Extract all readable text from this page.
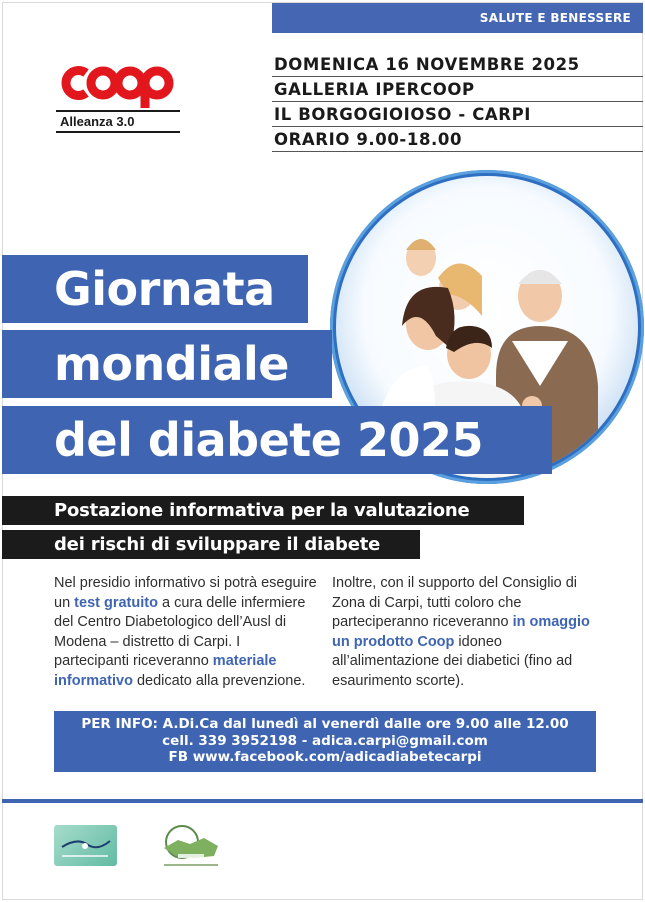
SALUTE E BENESSERE
Alleanza 3.0
DOMENICA 16 NOVEMBRE 2025
GALLERIA IPERCOOP
IL BORGOGIOIOSO - CARPI
ORARIO 9.00-18.00
Giornata
mondiale
del diabete 2025
Postazione informativa per la valutazione
dei rischi di sviluppare il diabete
Nel presidio informativo si potrà eseguire un test gratuito a cura delle infermiere del Centro Diabetologico dell’Ausl di Modena – distretto di Carpi. I partecipanti riceveranno materiale informativo dedicato alla prevenzione.
Inoltre, con il supporto del Consiglio di Zona di Carpi, tutti coloro che parteciperanno riceveranno in omaggio un prodotto Coop idoneo all’alimentazione dei diabetici (fino ad esaurimento scorte).
PER INFO: A.Di.Ca dal lunedì al venerdì dalle ore 9.00 alle 12.00
cell. 339 3952198 - adica.carpi@gmail.com
FB www.facebook.com/adicadiabetecarpi
